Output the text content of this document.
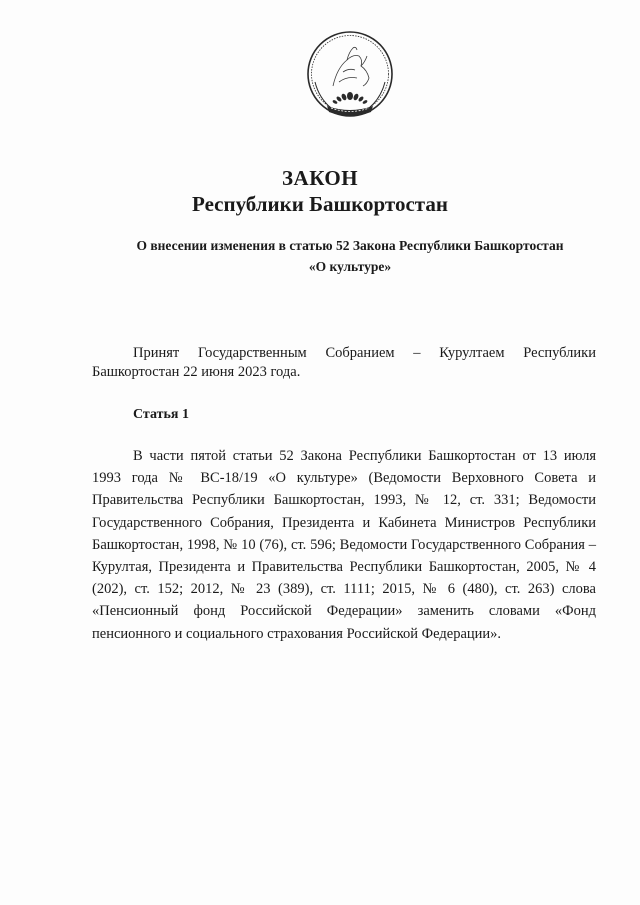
ЗАКОН
Республики Башкортостан
О внесении изменения в статью 52 Закона Республики Башкортостан
«О культуре»
Принят Государственным Собранием – Курултаем Республики Башкортостан 22 июня 2023 года.
Статья 1
В части пятой статьи 52 Закона Республики Башкортостан от 13 июля 1993 года № ВС-18/19 «О культуре» (Ведомости Верховного Совета и Правительства Республики Башкортостан, 1993, № 12, ст. 331; Ведомости Государственного Собрания, Президента и Кабинета Министров Республики Башкортостан, 1998, № 10 (76), ст. 596; Ведомости Государственного Собрания – Курултая, Президента и Правительства Республики Башкортостан, 2005, № 4 (202), ст. 152; 2012, № 23 (389), ст. 1111; 2015, № 6 (480), ст. 263) слова «Пенсионный фонд Российской Федерации» заменить словами «Фонд пенсионного и социального страхования Российской Федерации».
